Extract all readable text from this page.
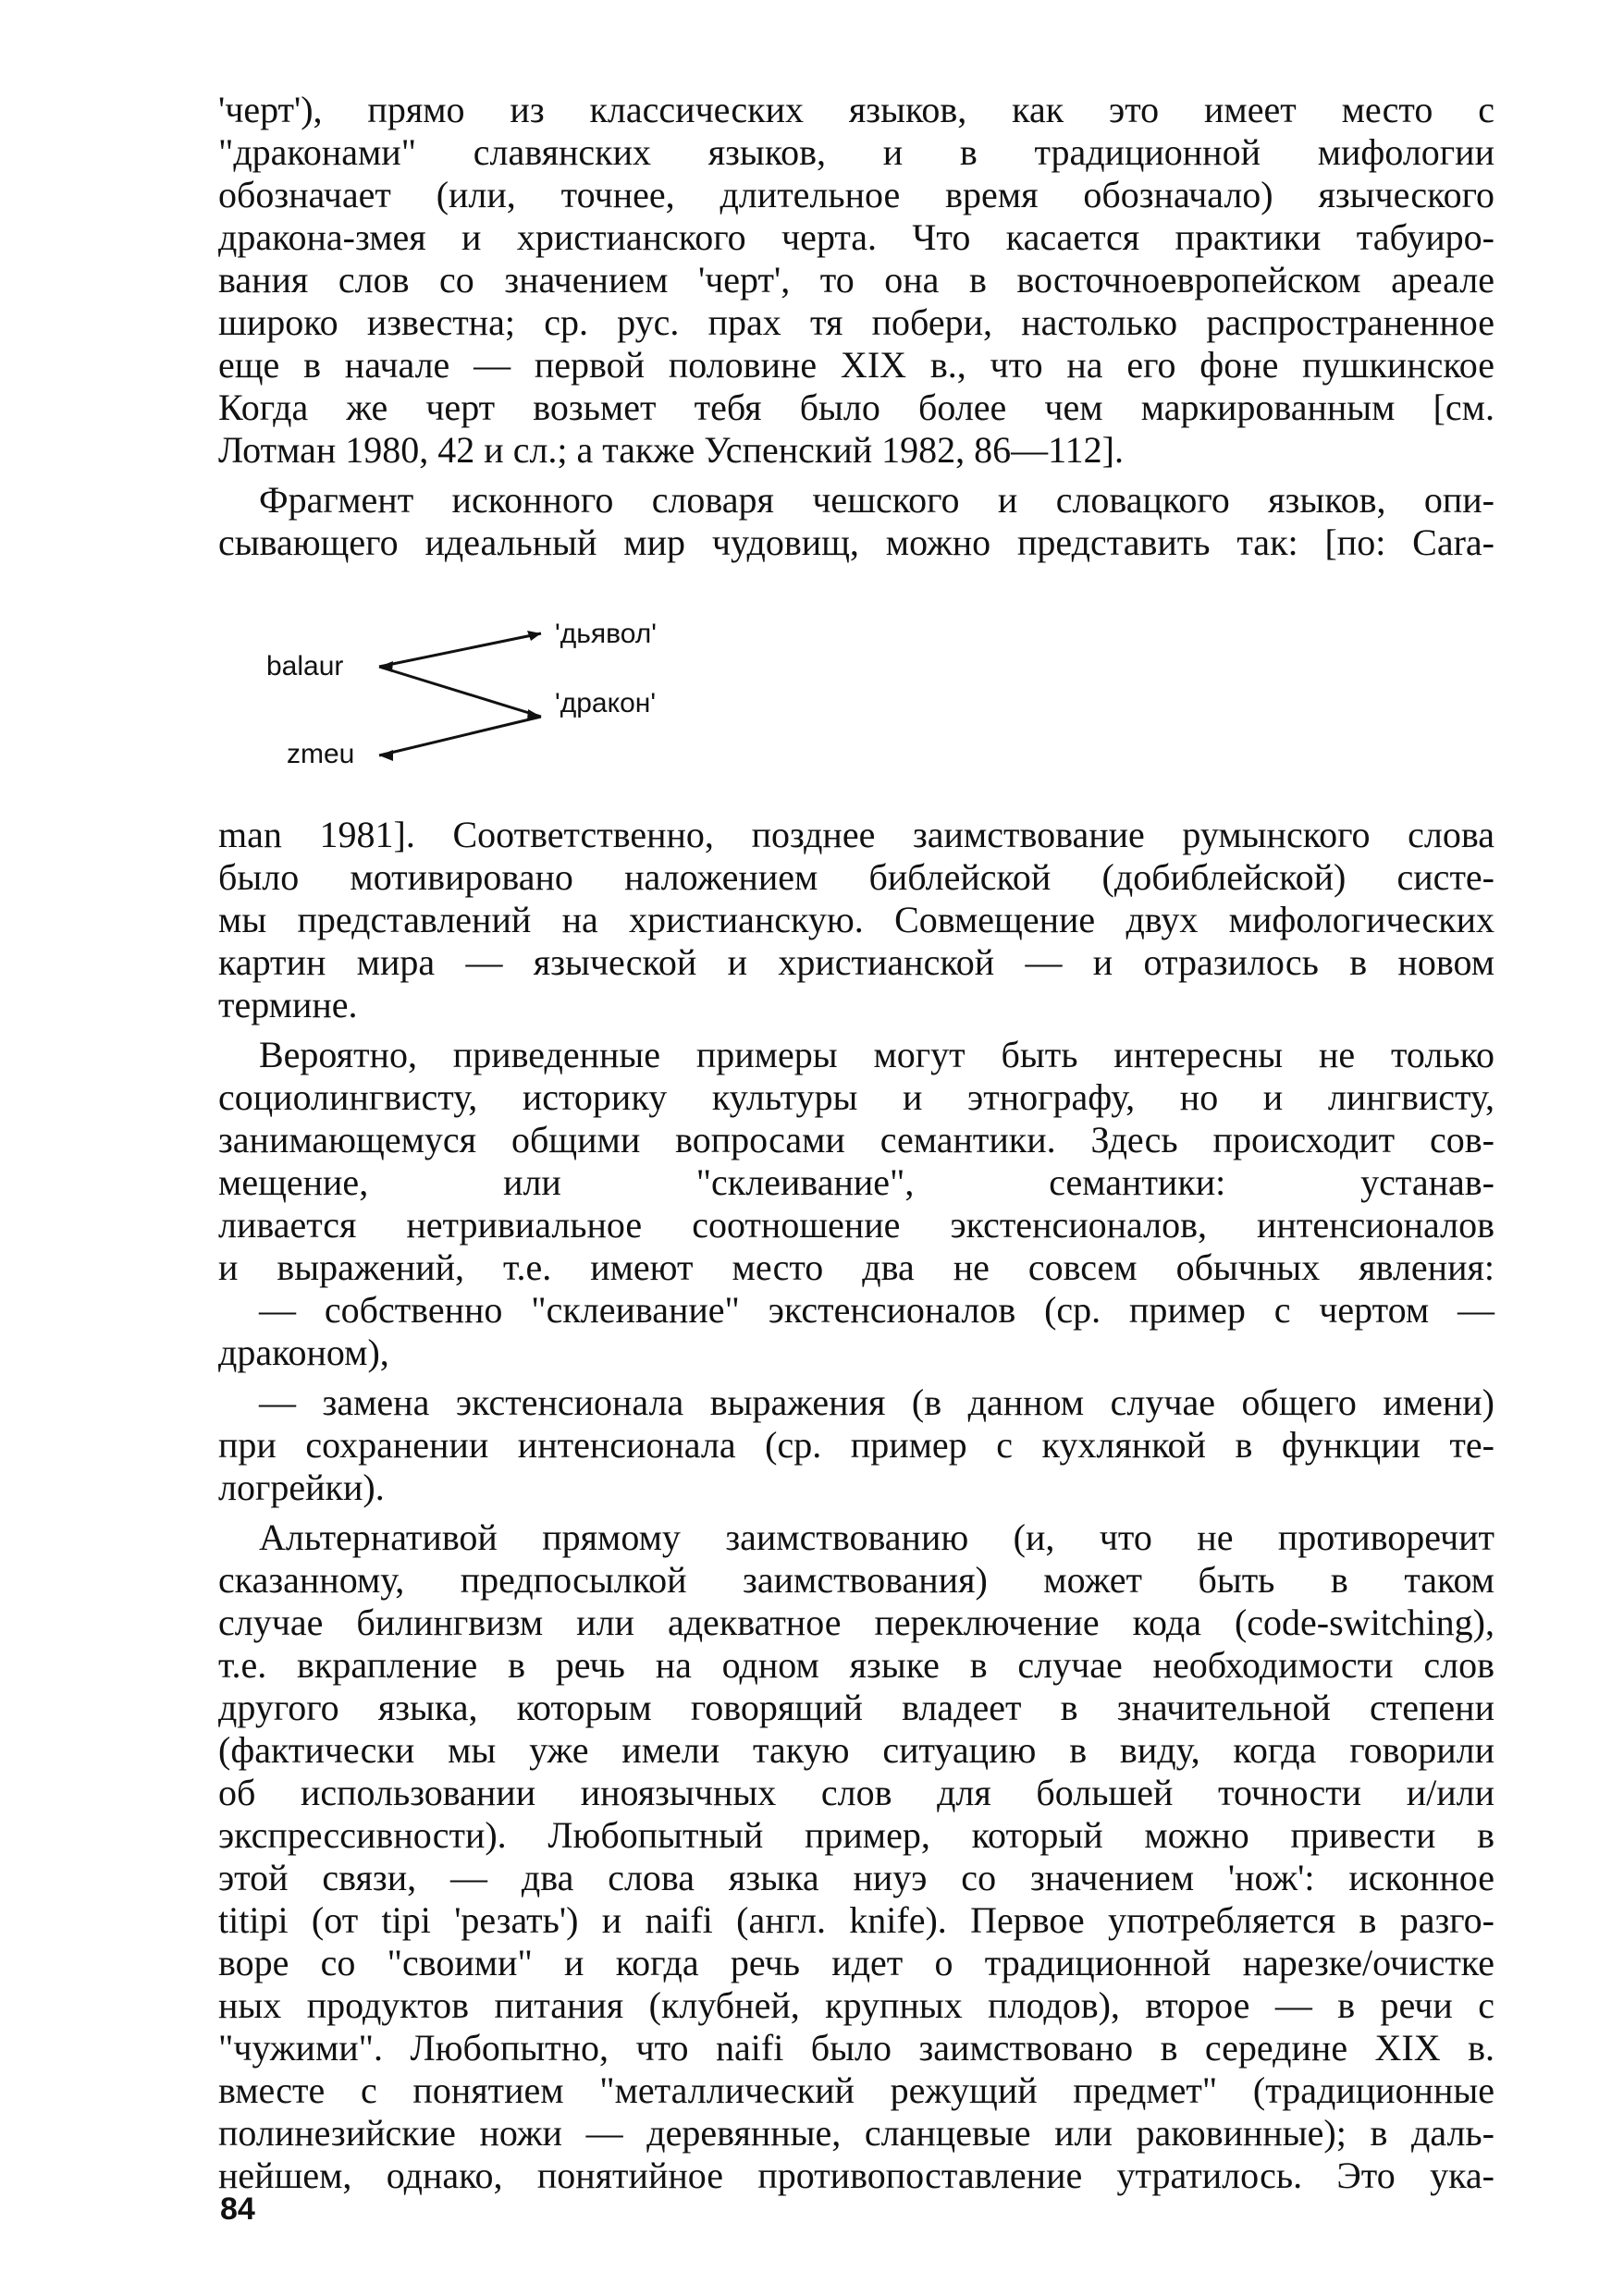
'черт'), прямо из классических языков, как это имеет место с
"драконами" славянских языков, и в традиционной мифологии
обозначает (или, точнее, длительное время обозначало) языческого
дракона-змея и христианского черта. Что касается практики табуиро-
вания слов со значением 'черт', то она в восточноевропейском ареале
широко известна; ср. рус. прах тя побери, настолько распространенное
еще в начале — первой половине XIX в., что на его фоне пушкинское
Когда же черт возьмет тебя было более чем маркированным [см.
Лотман 1980, 42 и сл.; а также Успенский 1982, 86—112].
Фрагмент исконного словаря чешского и словацкого языков, опи-
сывающего идеальный мир чудовищ, можно представить так: [по: Cara-
balaur
zmeu
'дьявол'
'дракон'
man 1981]. Соответственно, позднее заимствование румынского слова
было мотивировано наложением библейской (добиблейской) систе-
мы представлений на христианскую. Совмещение двух мифологических
картин мира — языческой и христианской — и отразилось в новом
термине.
Вероятно, приведенные примеры могут быть интересны не только
социолингвисту, историку культуры и этнографу, но и лингвисту,
занимающемуся общими вопросами семантики. Здесь происходит сов-
мещение, или "склеивание", семантики: устанав-
ливается нетривиальное соотношение экстенсионалов, интенсионалов
и выражений, т.е. имеют место два не совсем обычных явления:
— собственно "склеивание" экстенсионалов (ср. пример с чертом —
драконом),
— замена экстенсионала выражения (в данном случае общего имени)
при сохранении интенсионала (ср. пример с кухлянкой в функции те-
логрейки).
Альтернативой прямому заимствованию (и, что не противоречит
сказанному, предпосылкой заимствования) может быть в таком
случае билингвизм или адекватное переключение кода (code-switching),
т.е. вкрапление в речь на одном языке в случае необходимости слов
другого языка, которым говорящий владеет в значительной степени
(фактически мы уже имели такую ситуацию в виду, когда говорили
об использовании иноязычных слов для большей точности и/или
экспрессивности). Любопытный пример, который можно привести в
этой связи, — два слова языка ниуэ со значением 'нож': исконное
titipi (от tipi 'резать') и naifi (англ. knife). Первое употребляется в разго-
воре со "своими" и когда речь идет о традиционной нарезке/очистке
ных продуктов питания (клубней, крупных плодов), второе — в речи с
"чужими". Любопытно, что naifi было заимствовано в середине XIX в.
вместе с понятием "металлический режущий предмет" (традиционные
полинезийские ножи — деревянные, сланцевые или раковинные); в даль-
нейшем, однако, понятийное противопоставление утратилось. Это ука-
84
